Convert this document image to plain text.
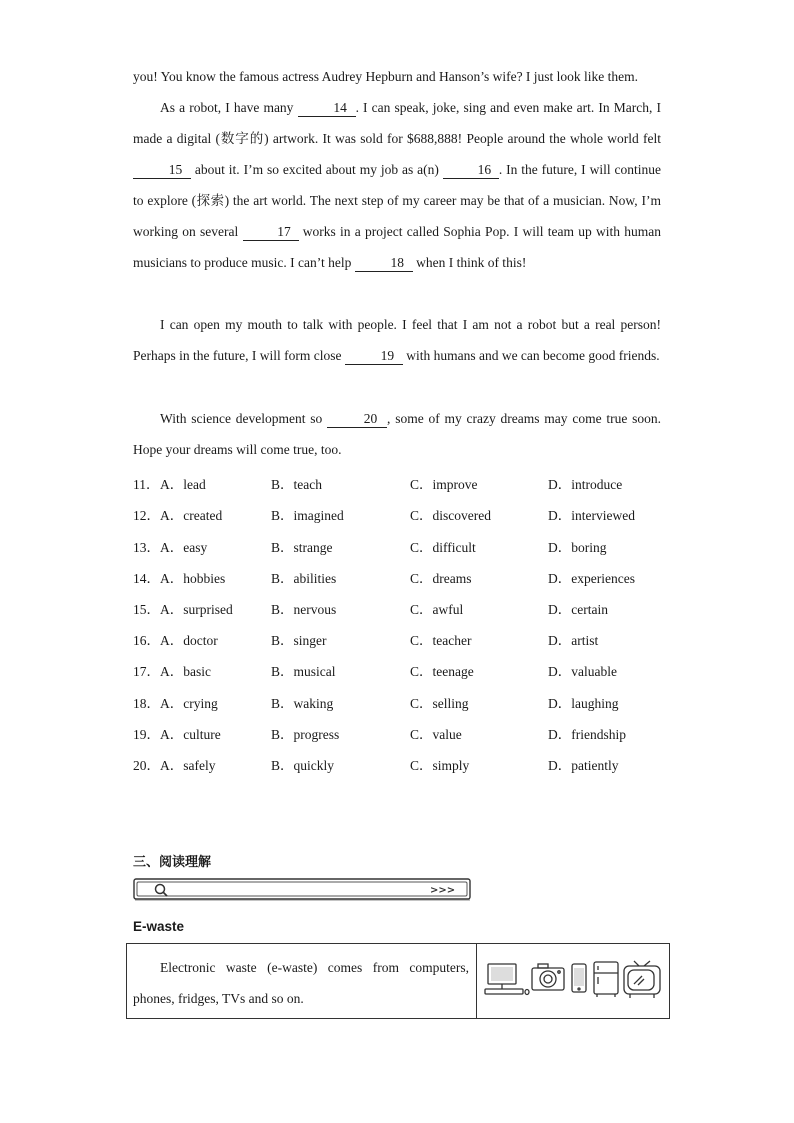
you! You know the famous actress Audrey Hepburn and Hanson’s wife? I just look like them.

As a robot, I have many	14 . I can speak, joke, sing and even make art. In March, I made a digital (数字的) artwork. It was sold for $688,888! People around the whole world felt 15 about it. I’m so excited about my job as a(n)	16 . In the future, I will continue to explore (探索) the art world. The next step of my career may be that of a musician. Now, I’m working on several	17 works in a project called Sophia Pop. I will team up with human musicians to produce music. I can’t help	18 when I think of this!

I can open my mouth to talk with people. I feel that I am not a robot but a real person! Perhaps in the future, I will form close	19 with humans and we can become good friends.

With science development so	20 , some of my crazy dreams may come true soon. Hope your dreams will come true, too.

11． A．lead	B．teach	C．improve	D．introduce
12． A．created	B．imagined	C．discovered	D．interviewed
13． A．easy	B．strange	C．difficult	D．boring
14． A．hobbies	B．abilities	C．dreams	D．experiences
15． A．surprised	B．nervous	C．awful	D．certain
16． A．doctor	B．singer	C．teacher	D．artist
17． A．basic	B．musical	C．teenage	D．valuable
18． A．crying	B．waking	C．selling	D．laughing
19． A．culture	B．progress	C．value	D．friendship
20． A．safely	B．quickly	C．simply	D．patiently
三、阅读理解
>>>
E-waste

Electronic waste (e-waste) comes from computers, phones, fridges, TVs and so on.
